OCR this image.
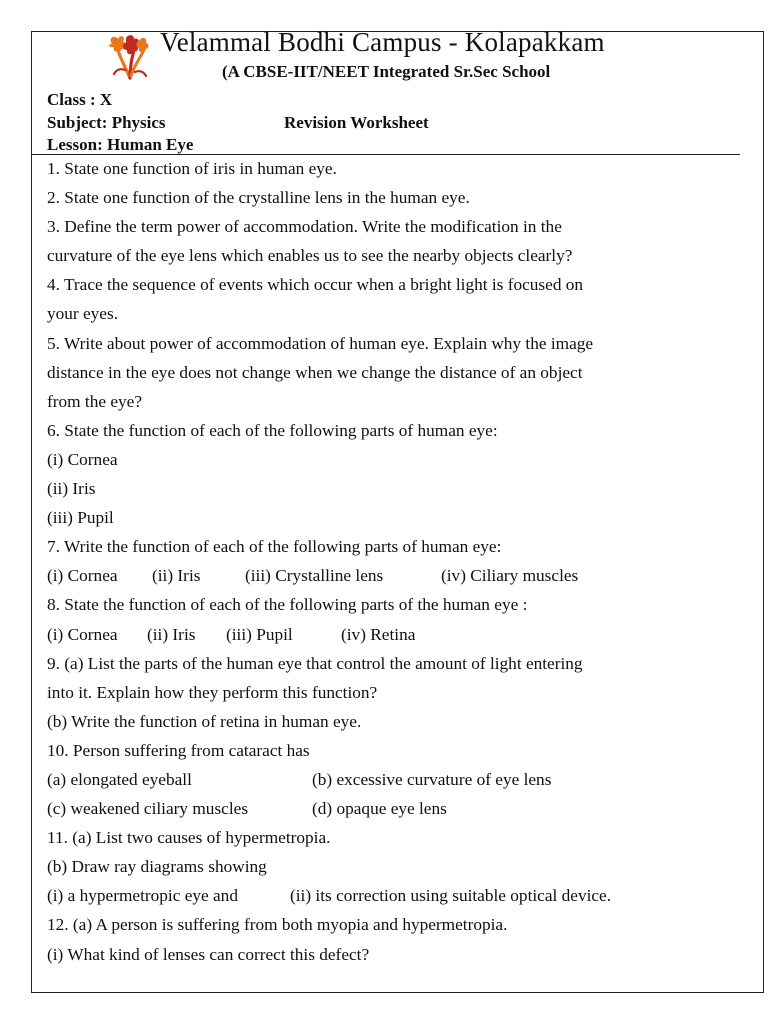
Velammal Bodhi Campus - Kolapakkam
(A CBSE-IIT/NEET Integrated Sr.Sec School
Class : X
Subject: Physics	Revision Worksheet
Lesson: Human Eye
1. State one function of iris in human eye.
2. State one function of the crystalline lens in the human eye.
3. Define the term power of accommodation. Write the modification in the
curvature of the eye lens which enables us to see the nearby objects clearly?
4. Trace the sequence of events which occur when a bright light is focused on
your eyes.
5. Write about power of accommodation of human eye. Explain why the image
distance in the eye does not change when we change the distance of an object
from the eye?
6. State the function of each of the following parts of human eye:
(i) Cornea
(ii) Iris
(iii) Pupil
7. Write the function of each of the following parts of human eye:
(i) Cornea (ii) Iris	(iii) Crystalline lens	(iv) Ciliary muscles
8. State the function of each of the following parts of the human eye :
(i) Cornea (ii) Iris (iii) Pupil	(iv) Retina
9. (a) List the parts of the human eye that control the amount of light entering
into it. Explain how they perform this function?
(b) Write the function of retina in human eye.
10. Person suffering from cataract has
(a) elongated eyeball	(b) excessive curvature of eye lens
(c) weakened ciliary muscles	(d) opaque eye lens
11. (a) List two causes of hypermetropia.
(b) Draw ray diagrams showing
(i) a hypermetropic eye and	(ii) its correction using suitable optical device.
12. (a) A person is suffering from both myopia and hypermetropia.
(i) What kind of lenses can correct this defect?
